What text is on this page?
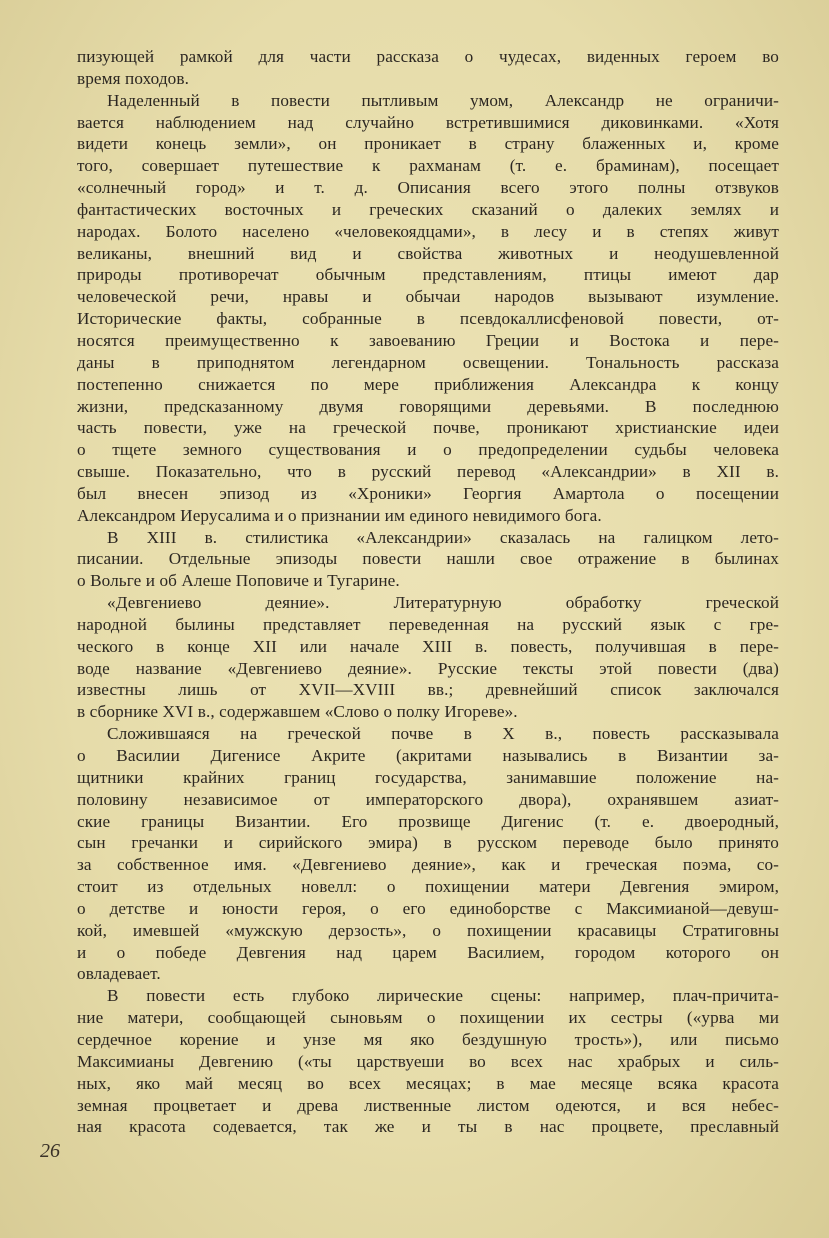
пизующей рамкой для части рассказа о чудесах, виденных героем во
время походов.
Наделенный в повести пытливым умом, Александр не ограничи-
вается наблюдением над случайно встретившимися диковинками. «Хотя
видети конець земли», он проникает в страну блаженных и, кроме
того, совершает путешествие к рахманам (т. е. браминам), посещает
«солнечный город» и т. д. Описания всего этого полны отзвуков
фантастических восточных и греческих сказаний о далеких землях и
народах. Болото населено «человекоядцами», в лесу и в степях живут
великаны, внешний вид и свойства животных и неодушевленной
природы противоречат обычным представлениям, птицы имеют дар
человеческой речи, нравы и обычаи народов вызывают изумление.
Исторические факты, собранные в псевдокаллисфеновой повести, от-
носятся преимущественно к завоеванию Греции и Востока и пере-
даны в приподнятом легендарном освещении. Тональность рассказа
постепенно снижается по мере приближения Александра к концу
жизни, предсказанному двумя говорящими деревьями. В последнюю
часть повести, уже на греческой почве, проникают христианские идеи
о тщете земного существования и о предопределении судьбы человека
свыше. Показательно, что в русский перевод «Александрии» в XII в.
был внесен эпизод из «Хроники» Георгия Амартола о посещении
Александром Иерусалима и о признании им единого невидимого бога.
В XIII в. стилистика «Александрии» сказалась на галицком лето-
писании. Отдельные эпизоды повести нашли свое отражение в былинах
о Вольге и об Алеше Поповиче и Тугарине.
«Девгениево деяние». Литературную обработку греческой
народной былины представляет переведенная на русский язык с гре-
ческого в конце XII или начале XIII в. повесть, получившая в пере-
воде название «Девгениево деяние». Русские тексты этой повести (два)
известны лишь от XVII—XVIII вв.; древнейший список заключался
в сборнике XVI в., содержавшем «Слово о полку Игореве».
Сложившаяся на греческой почве в X в., повесть рассказывала
о Василии Дигенисе Акрите (акритами назывались в Византии за-
щитники крайних границ государства, занимавшие положение на-
половину независимое от императорского двора), охранявшем азиат-
ские границы Византии. Его прозвище Дигенис (т. е. двоеродный,
сын гречанки и сирийского эмира) в русском переводе было принято
за собственное имя. «Девгениево деяние», как и греческая поэма, со-
стоит из отдельных новелл: о похищении матери Девгения эмиром,
о детстве и юности героя, о его единоборстве с Максимианой—девуш-
кой, имевшей «мужскую дерзость», о похищении красавицы Стратиговны
и о победе Девгения над царем Василием, городом которого он
овладевает.
В повести есть глубоко лирические сцены: например, плач-причита-
ние матери, сообщающей сыновьям о похищении их сестры («урва ми
сердечное корение и унзе мя яко бездушную трость»), или письмо
Максимианы Девгению («ты царствуеши во всех нас храбрых и силь-
ных, яко май месяц во всех месяцах; в мае месяце всяка красота
земная процветает и древа лиственные листом одеются, и вся небес-
ная красота содевается, так же и ты в нас процвете, преславный
26
